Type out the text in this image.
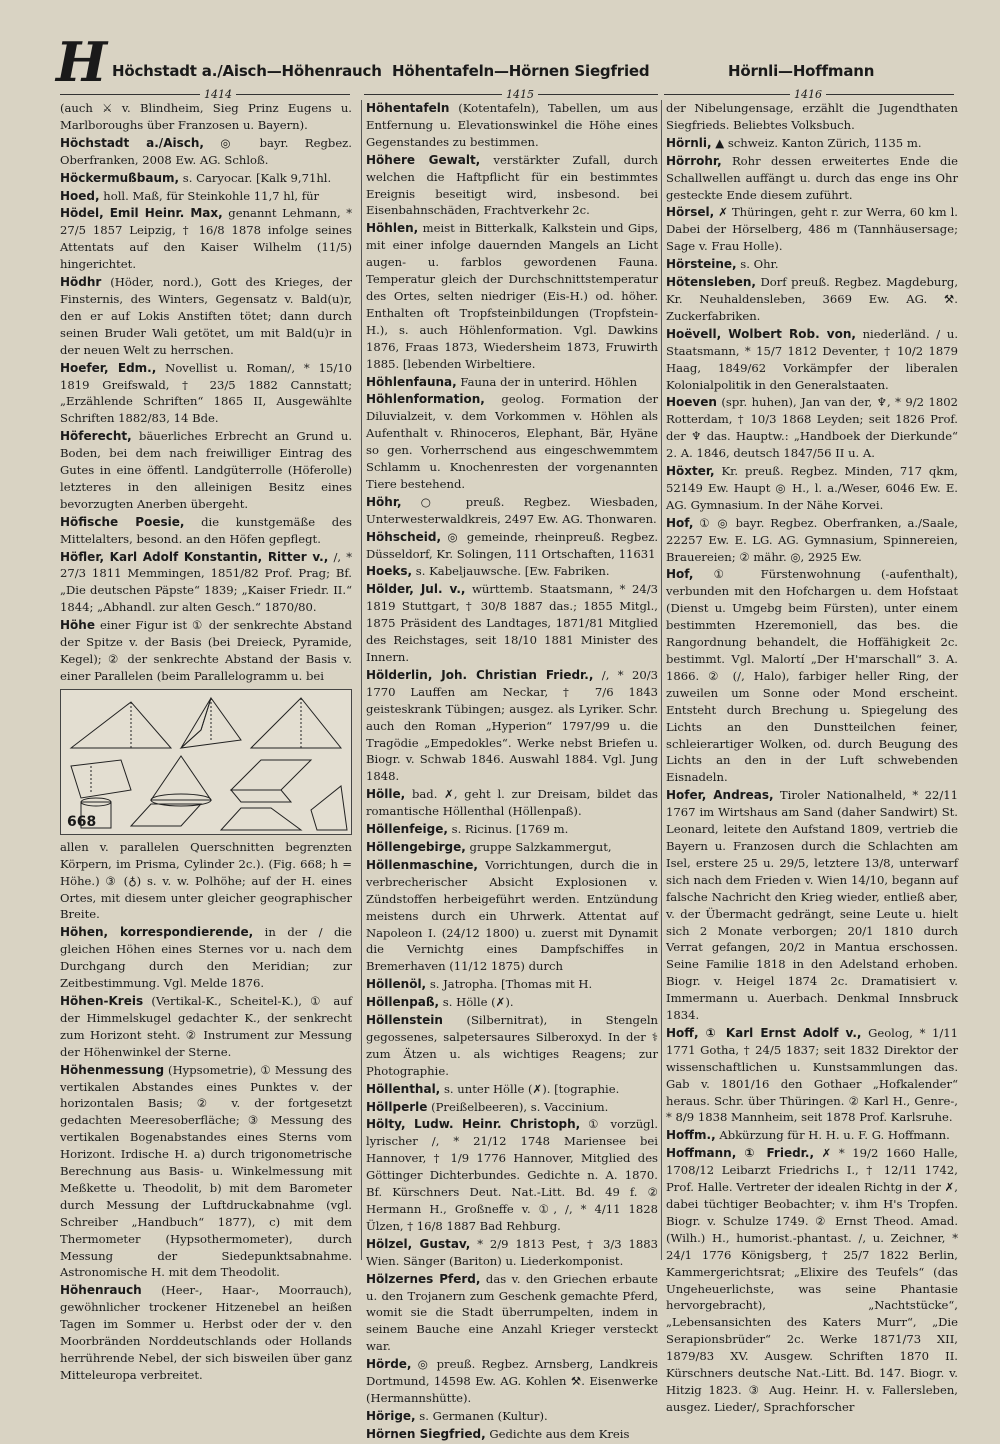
H Höchstadt a./Aisch—Höhenrauch Höhentafeln—Hörnen Siegfried	Hörnli—Hoffmann
1414	1415	1416

(auch ⚔ v. Blindheim, Sieg Prinz Eugens u. Marlboroughs über Franzosen u. Bayern).

Höchstadt a./Aisch, ◎ bayr. Regbez. Oberfranken, 2008 Ew. AG. Schloß.

Höckermußbaum, s. Caryocar. [Kalk 9,71hl.

Hoed, holl. Maß, für Steinkohle 11,7 hl, für

Hödel, Emil Heinr. Max, genannt Lehmann, * 27/5 1857 Leipzig, † 16/8 1878 infolge seines Attentats auf den Kaiser Wilhelm (11/5) hingerichtet.

Hödhr (Höder, nord.), Gott des Krieges, der Finsternis, des Winters, Gegensatz v. Bald(u)r, den er auf Lokis Anstiften tötet; dann durch seinen Bruder Wali getötet, um mit Bald(u)r in der neuen Welt zu herrschen.

Hoefer, Edm., Novellist u. Roman/, * 15/10 1819 Greifswald, † 23/5 1882 Cannstatt; „Erzählende Schriften“ 1865 II, Ausgewählte Schriften 1882/83, 14 Bde.

Höferecht, bäuerliches Erbrecht an Grund u. Boden, bei dem nach freiwilliger Eintrag des Gutes in eine öffentl. Landgüterrolle (Höferolle) letzteres in den alleinigen Besitz eines bevorzugten Anerben übergeht.

Höfische Poesie, die kunstgemäße des Mittelalters, besond. an den Höfen gepflegt.

Höfler, Karl Adolf Konstantin, Ritter v., /, * 27/3 1811 Memmingen, 1851/82 Prof. Prag; Bf. „Die deutschen Päpste“ 1839; „Kaiser Friedr. II.“ 1844; „Abhandl. zur alten Gesch.“ 1870/80.

Höhe einer Figur ist ① der senkrechte Abstand der Spitze v. der Basis (bei Dreieck, Pyramide, Kegel); ② der senkrechte Abstand der Basis v. einer Parallelen (beim Parallelogramm u. bei

668

allen v. parallelen Querschnitten begrenzten Körpern, im Prisma, Cylinder 2c.). (Fig. 668; h = Höhe.) ③ (♁) s. v. w. Polhöhe; auf der H. eines Ortes, mit diesem unter gleicher geographischer Breite.

Höhen, korrespondierende, in der / die gleichen Höhen eines Sternes vor u. nach dem Durchgang durch den Meridian; zur Zeitbestimmung. Vgl. Melde 1876.

Höhen-Kreis (Vertikal-K., Scheitel-K.), ① auf der Himmelskugel gedachter K., der senkrecht zum Horizont steht. ② Instrument zur Messung der Höhenwinkel der Sterne.

Höhenmessung (Hypsometrie), ① Messung des vertikalen Abstandes eines Punktes v. der horizontalen Basis; ② v. der fortgesetzt gedachten Meeresoberfläche; ③ Messung des vertikalen Bogenabstandes eines Sterns vom Horizont. Irdische H. a) durch trigonometrische Berechnung aus Basis- u. Winkelmessung mit Meßkette u. Theodolit, b) mit dem Barometer durch Messung der Luftdruckabnahme (vgl. Schreiber „Handbuch“ 1877), c) mit dem Thermometer (Hypsothermometer), durch Messung der Siedepunktsabnahme. Astronomische H. mit dem Theodolit.

Höhenrauch (Heer-, Haar-, Moorrauch), gewöhnlicher trockener Hitzenebel an heißen Tagen im Sommer u. Herbst oder der v. den Moorbränden Norddeutschlands oder Hollands herrührende Nebel, der sich bisweilen über ganz Mitteleuropa verbreitet.

Höhentafeln (Kotentafeln), Tabellen, um aus Entfernung u. Elevationswinkel die Höhe eines Gegenstandes zu bestimmen.

Höhere Gewalt, verstärkter Zufall, durch welchen die Haftpflicht für ein bestimmtes Ereignis beseitigt wird, insbesond. bei Eisenbahnschäden, Frachtverkehr 2c.

Höhlen, meist in Bitterkalk, Kalkstein und Gips, mit einer infolge dauernden Mangels an Licht augen- u. farblos gewordenen Fauna. Temperatur gleich der Durchschnittstemperatur des Ortes, selten niedriger (Eis-H.) od. höher. Enthalten oft Tropfsteinbildungen (Tropfstein-H.), s. auch Höhlenformation. Vgl. Dawkins 1876, Fraas 1873, Wiedersheim 1873, Fruwirth 1885. [lebenden Wirbeltiere.

Höhlenfauna, Fauna der in unterird. Höhlen

Höhlenformation, geolog. Formation der Diluvialzeit, v. dem Vorkommen v. Höhlen als Aufenthalt v. Rhinoceros, Elephant, Bär, Hyäne so gen. Vorherrschend aus eingeschwemmtem Schlamm u. Knochenresten der vorgenannten Tiere bestehend.

Höhr, ○ preuß. Regbez. Wiesbaden, Unterwesterwaldkreis, 2497 Ew. AG. Thonwaren.

Höhscheid, ◎ gemeinde, rheinpreuß. Regbez. Düsseldorf, Kr. Solingen, 111 Ortschaften, 11631

Hoeks, s. Kabeljauwsche. [Ew. Fabriken.

Hölder, Jul. v., württemb. Staatsmann, * 24/3 1819 Stuttgart, † 30/8 1887 das.; 1855 Mitgl., 1875 Präsident des Landtages, 1871/81 Mitglied des Reichstages, seit 18/10 1881 Minister des Innern.

Hölderlin, Joh. Christian Friedr., /, * 20/3 1770 Lauffen am Neckar, † 7/6 1843 geisteskrank Tübingen; ausgez. als Lyriker. Schr. auch den Roman „Hyperion“ 1797/99 u. die Tragödie „Empedokles“. Werke nebst Briefen u. Biogr. v. Schwab 1846. Auswahl 1884. Vgl. Jung 1848.

Hölle, bad. ✗, geht l. zur Dreisam, bildet das romantische Höllenthal (Höllenpaß).

Höllenfeige, s. Ricinus. [1769 m.

Höllengebirge, gruppe Salzkammergut,

Höllenmaschine, Vorrichtungen, durch die in verbrecherischer Absicht Explosionen v. Zündstoffen herbeigeführt werden. Entzündung meistens durch ein Uhrwerk. Attentat auf Napoleon I. (24/12 1800) u. zuerst mit Dynamit die Vernichtg eines Dampfschiffes in Bremerhaven (11/12 1875) durch

Höllenöl, s. Jatropha. [Thomas mit H.

Höllenpaß, s. Hölle (✗).

Höllenstein (Silbernitrat), in Stengeln gegossenes, salpetersaures Silberoxyd. In der ⚕ zum Ätzen u. als wichtiges Reagens; zur Photographie.

Höllenthal, s. unter Hölle (✗). [tographie.

Höllperle (Preißelbeeren), s. Vaccinium.

Hölty, Ludw. Heinr. Christoph, ① vorzügl. lyrischer /, * 21/12 1748 Mariensee bei Hannover, † 1/9 1776 Hannover, Mitglied des Göttinger Dichterbundes. Gedichte n. A. 1870. Bf. Kürschners Deut. Nat.-Litt. Bd. 49 f. ② Hermann H., Großneffe v. ①, /, * 4/11 1828 Ülzen, † 16/8 1887 Bad Rehburg.

Hölzel, Gustav, * 2/9 1813 Pest, † 3/3 1883 Wien. Sänger (Bariton) u. Liederkomponist.

Hölzernes Pferd, das v. den Griechen erbaute u. den Trojanern zum Geschenk gemachte Pferd, womit sie die Stadt überrumpelten, indem in seinem Bauche eine Anzahl Krieger versteckt war.

Hörde, ◎ preuß. Regbez. Arnsberg, Landkreis Dortmund, 14598 Ew. AG. Kohlen ⚒. Eisenwerke (Hermannshütte).

Hörige, s. Germanen (Kultur).

Hörnen Siegfried, Gedichte aus dem Kreis

der Nibelungensage, erzählt die Jugendthaten Siegfrieds. Beliebtes Volksbuch.

Hörnli, ▲ schweiz. Kanton Zürich, 1135 m.

Hörrohr, Rohr dessen erweitertes Ende die Schallwellen auffängt u. durch das enge ins Ohr gesteckte Ende diesem zuführt.

Hörsel, ✗ Thüringen, geht r. zur Werra, 60 km l. Dabei der Hörselberg, 486 m (Tannhäusersage; Sage v. Frau Holle).

Hörsteine, s. Ohr.

Hötensleben, Dorf preuß. Regbez. Magdeburg, Kr. Neuhaldensleben, 3669 Ew. AG. ⚒. Zuckerfabriken.

Hoëvell, Wolbert Rob. von, niederländ. / u. Staatsmann, * 15/7 1812 Deventer, † 10/2 1879 Haag, 1849/62 Vorkämpfer der liberalen Kolonialpolitik in den Generalstaaten.

Hoeven (spr. huhen), Jan van der, ♆, * 9/2 1802 Rotterdam, † 10/3 1868 Leyden; seit 1826 Prof. der ♆ das. Hauptw.: „Handboek der Dierkunde“ 2. A. 1846, deutsch 1847/56 II u. A.

Höxter, Kr. preuß. Regbez. Minden, 717 qkm, 52149 Ew. Haupt ◎ H., l. a./Weser, 6046 Ew. E. AG. Gymnasium. In der Nähe Korvei.

Hof, ① ◎ bayr. Regbez. Oberfranken, a./Saale, 22257 Ew. E. LG. AG. Gymnasium, Spinnereien, Brauereien; ② mähr. ◎, 2925 Ew.

Hof, ① Fürstenwohnung (-aufenthalt), verbunden mit den Hofchargen u. dem Hofstaat (Dienst u. Umgebg beim Fürsten), unter einem bestimmten Hzeremoniell, das bes. die Rangordnung behandelt, die Hoffähigkeit 2c. bestimmt. Vgl. Malortí „Der H'marschall“ 3. A. 1866. ② (/, Halo), farbiger heller Ring, der zuweilen um Sonne oder Mond erscheint. Entsteht durch Brechung u. Spiegelung des Lichts an den Dunstteilchen feiner, schleierartiger Wolken, od. durch Beugung des Lichts an den in der Luft schwebenden Eisnadeln.

Hofer, Andreas, Tiroler Nationalheld, * 22/11 1767 im Wirtshaus am Sand (daher Sandwirt) St. Leonard, leitete den Aufstand 1809, vertrieb die Bayern u. Franzosen durch die Schlachten am Isel, erstere 25 u. 29/5, letztere 13/8, unterwarf sich nach dem Frieden v. Wien 14/10, begann auf falsche Nachricht den Krieg wieder, entließ aber, v. der Übermacht gedrängt, seine Leute u. hielt sich 2 Monate verborgen; 20/1 1810 durch Verrat gefangen, 20/2 in Mantua erschossen. Seine Familie 1818 in den Adelstand erhoben. Biogr. v. Heigel 1874 2c. Dramatisiert v. Immermann u. Auerbach. Denkmal Innsbruck 1834.

Hoff, ① Karl Ernst Adolf v., Geolog, * 1/11 1771 Gotha, † 24/5 1837; seit 1832 Direktor der wissenschaftlichen u. Kunstsammlungen das. Gab v. 1801/16 den Gothaer „Hofkalender“ heraus. Schr. über Thüringen. ② Karl H., Genre-, * 8/9 1838 Mannheim, seit 1878 Prof. Karlsruhe.

Hoffm., Abkürzung für H. H. u. F. G. Hoffmann.

Hoffmann, ① Friedr., ✗ * 19/2 1660 Halle, 1708/12 Leibarzt Friedrichs I., † 12/11 1742, Prof. Halle. Vertreter der idealen Richtg in der ✗, dabei tüchtiger Beobachter; v. ihm H's Tropfen. Biogr. v. Schulze 1749. ② Ernst Theod. Amad. (Wilh.) H., humorist.-phantast. /, u. Zeichner, * 24/1 1776 Königsberg, † 25/7 1822 Berlin, Kammergerichtsrat; „Elixire des Teufels“ (das Ungeheuerlichste, was seine Phantasie hervorgebracht), „Nachtstücke“, „Lebensansichten des Katers Murr“, „Die Serapionsbrüder“ 2c. Werke 1871/73 XII, 1879/83 XV. Ausgew. Schriften 1870 II. Kürschners deutsche Nat.-Litt. Bd. 147. Biogr. v. Hitzig 1823. ③ Aug. Heinr. H. v. Fallersleben, ausgez. Lieder/, Sprachforscher
